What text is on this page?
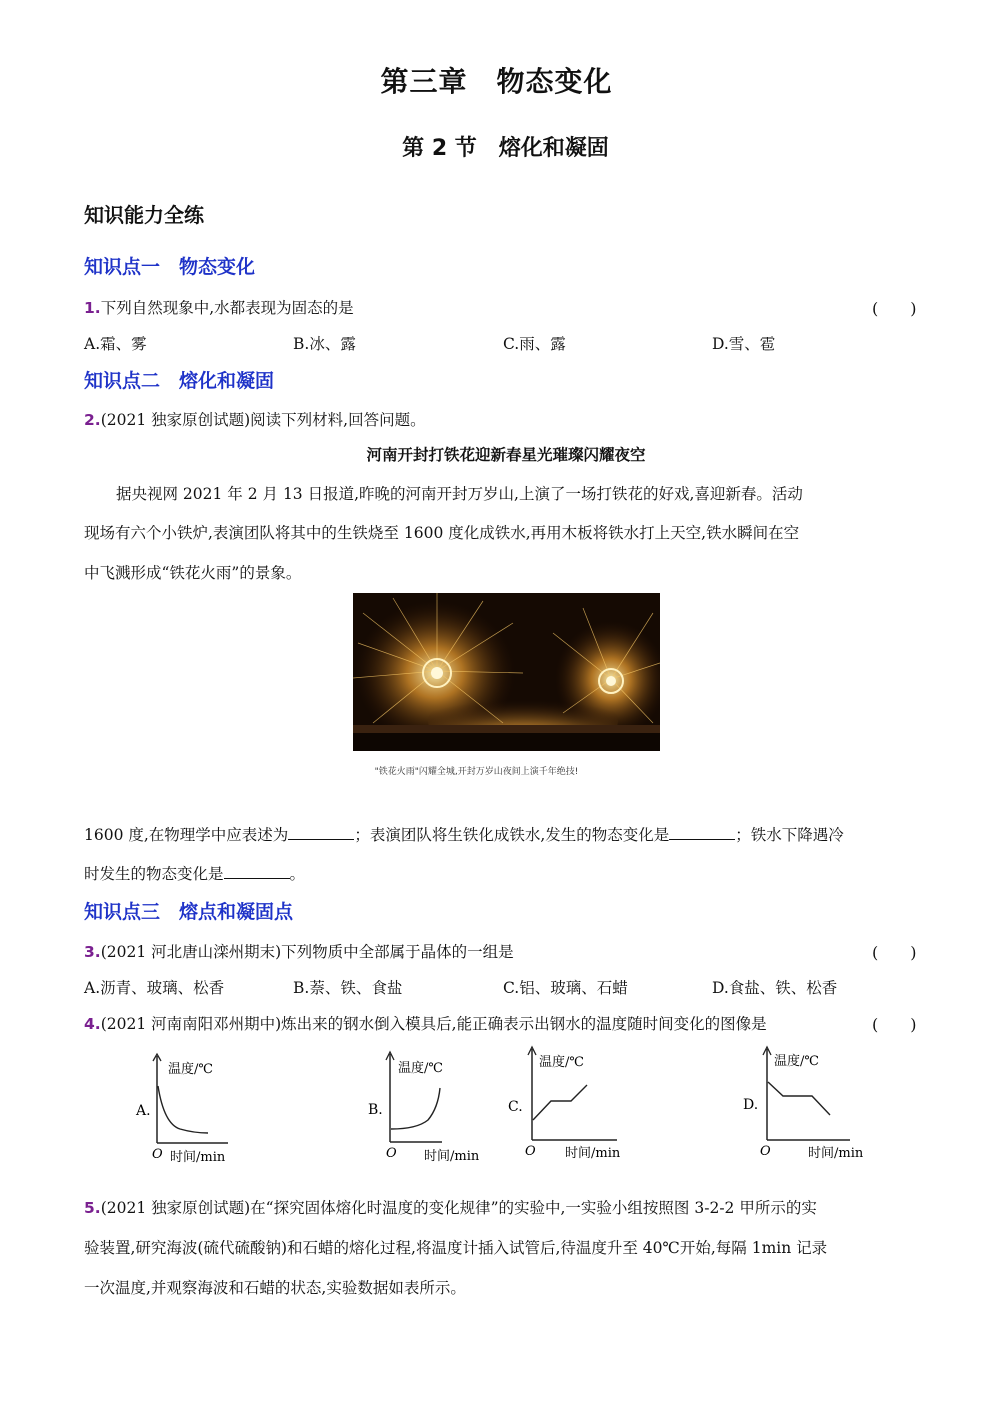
第三章　物态变化
第 2 节　熔化和凝固
知识能力全练
知识点一　物态变化
1.下列自然现象中,水都表现为固态的是	(　　)
A.霜、雾	B.冰、露	C.雨、露	D.雪、雹
知识点二　熔化和凝固
2.(2021 独家原创试题)阅读下列材料,回答问题。
河南开封打铁花迎新春星光璀璨闪耀夜空
据央视网 2021 年 2 月 13 日报道,昨晚的河南开封万岁山,上演了一场打铁花的好戏,喜迎新春。活动
现场有六个小铁炉,表演团队将其中的生铁烧至 1600 度化成铁水,再用木板将铁水打上天空,铁水瞬间在空
中飞溅形成“铁花火雨”的景象。
"铁花火雨"闪耀全城,开封万岁山夜间上演千年绝技!
1600 度,在物理学中应表述为	；表演团队将生铁化成铁水,发生的物态变化是	；铁水下降遇冷
时发生的物态变化是	。
知识点三　熔点和凝固点
3.(2021 河北唐山滦州期末)下列物质中全部属于晶体的一组是	(　　)
A.沥青、玻璃、松香	B.萘、铁、食盐	C.铝、玻璃、石蜡	D.食盐、铁、松香
4.(2021 河南南阳邓州期中)炼出来的钢水倒入模具后,能正确表示出钢水的温度随时间变化的图像是	(　　)
温度/℃
A.
O 时间/min
温度/℃
B.
O 时间/min
温度/℃
C.
O 时间/min
温度/℃
D.
O	时间/min
5.(2021 独家原创试题)在“探究固体熔化时温度的变化规律”的实验中,一实验小组按照图 3-2-2 甲所示的实
验装置,研究海波(硫代硫酸钠)和石蜡的熔化过程,将温度计插入试管后,待温度升至 40℃开始,每隔 1min 记录
一次温度,并观察海波和石蜡的状态,实验数据如表所示。
